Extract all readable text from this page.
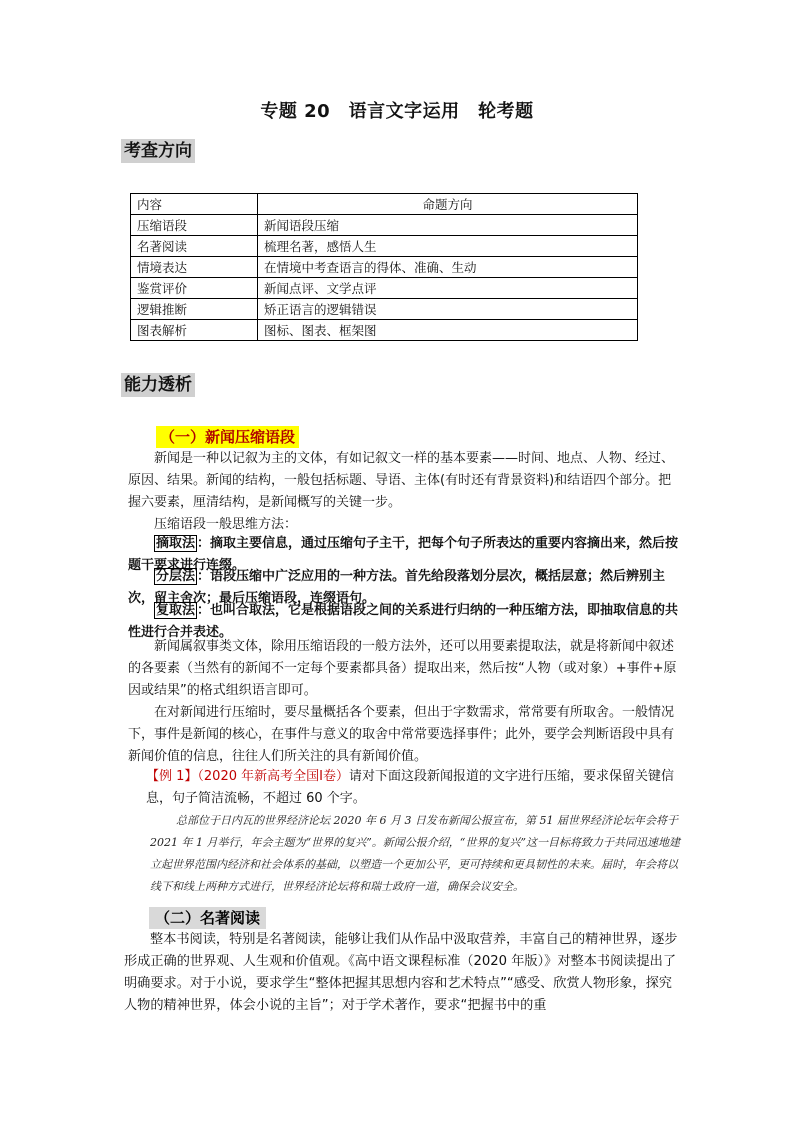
专题 20　语言文字运用　轮考题
考查方向
内容	命题方向
压缩语段	新闻语段压缩
名著阅读	梳理名著，感悟人生
情境表达	在情境中考查语言的得体、准确、生动
鉴赏评价	新闻点评、文学点评
逻辑推断	矫正语言的逻辑错误
图表解析	图标、图表、框架图
能力透析
（一）新闻压缩语段

新闻是一种以记叙为主的文体，有如记叙文一样的基本要素——时间、地点、人物、经过、原因、结果。新闻的结构，一般包括标题、导语、主体(有时还有背景资料)和结语四个部分。把握六要素，厘清结构，是新闻概写的关键一步。

压缩语段一般思维方法：

摘取法 ：摘取主要信息，通过压缩句子主干，把每个句子所表达的重要内容摘出来，然后按题干要求进行连缀。

分层法 ：语段压缩中广泛应用的一种方法。首先给段落划分层次，概括层意；然后辨别主次，留主舍次；最后压缩语段，连缀语句。

复取法 ：也叫合取法，它是根据语段之间的关系进行归纳的一种压缩方法，即抽取信息的共性进行合并表述。

新闻属叙事类文体，除用压缩语段的一般方法外，还可以用要素提取法，就是将新闻中叙述的各要素（当然有的新闻不一定每个要素都具备）提取出来，然后按“人物（或对象）+事件+原因或结果”的格式组织语言即可。

在对新闻进行压缩时，要尽量概括各个要素，但出于字数需求，常常要有所取舍。一般情况下，事件是新闻的核心，在事件与意义的取舍中常常要选择事件；此外，要学会判断语段中具有新闻价值的信息，往往人们所关注的具有新闻价值。

【例 1】（2020 年新高考全国Ⅰ卷）请对下面这段新闻报道的文字进行压缩，要求保留关键信息，句子简洁流畅，不超过 60 个字。

总部位于日内瓦的世界经济论坛 2020 年 6 月 3 日发布新闻公报宣布，第 51 届世界经济论坛年会将于 2021 年 1 月举行，年会主题为“世界的复兴”。新闻公报介绍，“世界的复兴”这一目标将致力于共同迅速地建立起世界范围内经济和社会体系的基础，以塑造一个更加公平，更可持续和更具韧性的未来。届时，年会将以线下和线上两种方式进行，世界经济论坛将和瑞士政府一道，确保会议安全。

（二）名著阅读

整本书阅读，特别是名著阅读，能够让我们从作品中汲取营养，丰富自己的精神世界，逐步形成正确的世界观、人生观和价值观。《高中语文课程标准（2020 年版）》对整本书阅读提出了明确要求。对于小说，要求学生“整体把握其思想内容和艺术特点”“感受、欣赏人物形象，探究人物的精神世界，体会小说的主旨”；对于学术著作，要求“把握书中的重
